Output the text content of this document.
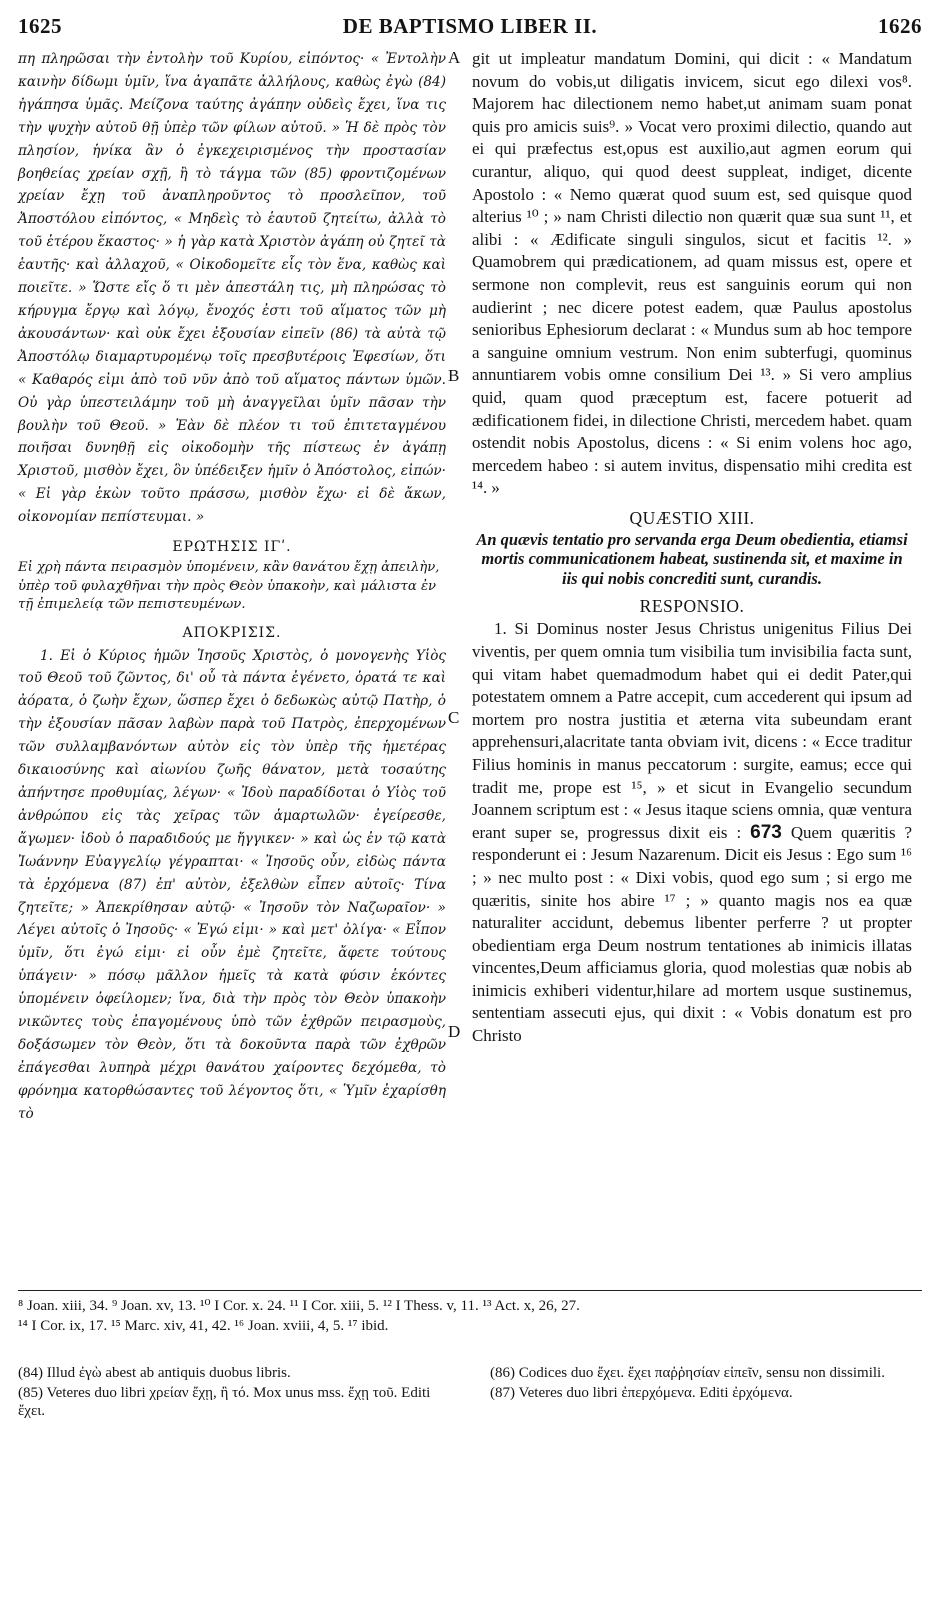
1625	DE BAPTISMO LIBER II.	1626
A
B
C
D

πη πληρῶσαι τὴν ἐντολὴν τοῦ Κυρίου, εἰπόντος· « Ἐντολὴν καινὴν δίδωμι ὑμῖν, ἵνα ἀγαπᾶτε ἀλλήλους, καθὼς ἐγὼ (84) ἠγάπησα ὑμᾶς. Μείζονα ταύτης ἀγάπην οὐδεὶς ἔχει, ἵνα τις τὴν ψυχὴν αὐτοῦ θῇ ὑπὲρ τῶν φίλων αὐτοῦ. » Ἡ δὲ πρὸς τὸν πλησίον, ἡνίκα ἂν ὁ ἐγκεχειρισμένος τὴν προστασίαν βοηθείας χρείαν σχῇ, ἢ τὸ τάγμα τῶν (85) φροντιζομένων χρείαν ἔχῃ τοῦ ἀναπληροῦντος τὸ προσλεῖπον, τοῦ Ἀποστόλου εἰπόντος, « Μηδεὶς τὸ ἑαυτοῦ ζητείτω, ἀλλὰ τὸ τοῦ ἑτέρου ἕκαστος· » ἡ γὰρ κατὰ Χριστὸν ἀγάπη οὐ ζητεῖ τὰ ἑαυτῆς· καὶ ἀλλαχοῦ, « Οἰκοδομεῖτε εἷς τὸν ἕνα, καθὼς καὶ ποιεῖτε. » Ὥστε εἴς ὅ τι μὲν ἀπεστάλη τις, μὴ πληρώσας τὸ κήρυγμα ἔργῳ καὶ λόγῳ, ἔνοχός ἐστι τοῦ αἵματος τῶν μὴ ἀκουσάντων· καὶ οὐκ ἔχει ἐξουσίαν εἰπεῖν (86) τὰ αὐτὰ τῷ Ἀποστόλῳ διαμαρτυρομένῳ τοῖς πρεσβυτέροις Ἐφεσίων, ὅτι « Καθαρός εἰμι ἀπὸ τοῦ νῦν ἀπὸ τοῦ αἵματος πάντων ὑμῶν. Οὐ γὰρ ὑπεστειλάμην τοῦ μὴ ἀναγγεῖλαι ὑμῖν πᾶσαν τὴν βουλὴν τοῦ Θεοῦ. » Ἐὰν δὲ πλέον τι τοῦ ἐπιτεταγμένου ποιῆσαι δυνηθῇ εἰς οἰκοδομὴν τῆς πίστεως ἐν ἀγάπῃ Χριστοῦ, μισθὸν ἔχει, ὃν ὑπέδειξεν ἡμῖν ὁ Ἀπόστολος, εἰπών· « Εἰ γὰρ ἑκὼν τοῦτο πράσσω, μισθὸν ἔχω· εἰ δὲ ἄκων, οἰκονομίαν πεπίστευμαι. »

ΕΡΩΤΗΣΙΣ ΙΓʹ.

Εἰ χρὴ πάντα πειρασμὸν ὑπομένειν, κἂν θανάτου ἔχῃ ἀπειλὴν, ὑπὲρ τοῦ φυλαχθῆναι τὴν πρὸς Θεὸν ὑπακοὴν, καὶ μάλιστα ἐν τῇ ἐπιμελείᾳ τῶν πεπιστευμένων.

ΑΠΟΚΡΙΣΙΣ.

1. Εἰ ὁ Κύριος ἡμῶν Ἰησοῦς Χριστὸς, ὁ μονογενὴς Υἱὸς τοῦ Θεοῦ τοῦ ζῶντος, δι' οὗ τὰ πάντα ἐγένετο, ὁρατά τε καὶ ἀόρατα, ὁ ζωὴν ἔχων, ὥσπερ ἔχει ὁ δεδωκὼς αὐτῷ Πατὴρ, ὁ τὴν ἐξουσίαν πᾶσαν λαβὼν παρὰ τοῦ Πατρὸς, ἐπερχομένων τῶν συλλαμβανόντων αὐτὸν εἰς τὸν ὑπὲρ τῆς ἡμετέρας δικαιοσύνης καὶ αἰωνίου ζωῆς θάνατον, μετὰ τοσαύτης ἀπήντησε προθυμίας, λέγων· « Ἰδοὺ παραδίδοται ὁ Υἱὸς τοῦ ἀνθρώπου εἰς τὰς χεῖρας τῶν ἁμαρτωλῶν· ἐγείρεσθε, ἄγωμεν· ἰδοὺ ὁ παραδιδούς με ἤγγικεν· » καὶ ὡς ἐν τῷ κατὰ Ἰωάννην Εὐαγγελίῳ γέγραπται· « Ἰησοῦς οὖν, εἰδὼς πάντα τὰ ἐρχόμενα (87) ἐπ' αὐτὸν, ἐξελθὼν εἶπεν αὐτοῖς· Τίνα ζητεῖτε; » Ἀπεκρίθησαν αὐτῷ· « Ἰησοῦν τὸν Ναζωραῖον· » Λέγει αὐτοῖς ὁ Ἰησοῦς· « Ἐγώ εἰμι· » καὶ μετ' ὀλίγα· « Εἶπον ὑμῖν, ὅτι ἐγώ εἰμι· εἰ οὖν ἐμὲ ζητεῖτε, ἄφετε τούτους ὑπάγειν· » πόσῳ μᾶλλον ἡμεῖς τὰ κατὰ φύσιν ἑκόντες ὑπομένειν ὀφείλομεν; ἵνα, διὰ τὴν πρὸς τὸν Θεὸν ὑπακοὴν νικῶντες τοὺς ἐπαγομένους ὑπὸ τῶν ἐχθρῶν πειρασμοὺς, δοξάσωμεν τὸν Θεὸν, ὅτι τὰ δοκοῦντα παρὰ τῶν ἐχθρῶν ἐπάγεσθαι λυπηρὰ μέχρι θανάτου χαίροντες δεχόμεθα, τὸ φρόνημα κατορθώσαντες τοῦ λέγοντος ὅτι, « Ὑμῖν ἐχαρίσθη τὸ

git ut impleatur mandatum Domini, qui dicit : « Mandatum novum do vobis,ut diligatis invicem, sicut ego dilexi vos⁸. Majorem hac dilectionem nemo habet,ut animam suam ponat quis pro amicis suis⁹. » Vocat vero proximi dilectio, quando aut ei qui præfectus est,opus est auxilio,aut agmen eorum qui curantur, aliquo, qui quod deest suppleat, indiget, dicente Apostolo : « Nemo quærat quod suum est, sed quisque quod alterius ¹⁰ ; » nam Christi dilectio non quærit quæ sua sunt ¹¹, et alibi : « Ædificate singuli singulos, sicut et facitis ¹². » Quamobrem qui prædicationem, ad quam missus est, opere et sermone non complevit, reus est sanguinis eorum qui non audierint ; nec dicere potest eadem, quæ Paulus apostolus senioribus Ephesiorum declarat : « Mundus sum ab hoc tempore a sanguine omnium vestrum. Non enim subterfugi, quominus annuntiarem vobis omne consilium Dei ¹³. » Si vero amplius quid, quam quod præceptum est, facere potuerit ad ædificationem fidei, in dilectione Christi, mercedem habet. quam ostendit nobis Apostolus, dicens : « Si enim volens hoc ago, mercedem habeo : si autem invitus, dispensatio mihi credita est ¹⁴. »

QUÆSTIO XIII.

An quævis tentatio pro servanda erga Deum obedientia, etiamsi mortis communicationem habeat, sustinenda sit, et maxime in iis qui nobis concrediti sunt, curandis.

RESPONSIO.

1. Si Dominus noster Jesus Christus unigenitus Filius Dei viventis, per quem omnia tum visibilia tum invisibilia facta sunt, qui vitam habet quemadmodum habet qui ei dedit Pater,qui potestatem omnem a Patre accepit, cum accederent qui ipsum ad mortem pro nostra justitia et æterna vita subeundam erant apprehensuri,alacritate tanta obviam ivit, dicens : « Ecce traditur Filius hominis in manus peccatorum : surgite, eamus; ecce qui tradit me, prope est ¹⁵, » et sicut in Evangelio secundum Joannem scriptum est : « Jesus itaque sciens omnia, quæ ventura erant super se, progressus dixit eis : 673 Quem quæritis ? responderunt ei : Jesum Nazarenum. Dicit eis Jesus : Ego sum ¹⁶ ; » nec multo post : « Dixi vobis, quod ego sum ; si ergo me quæritis, sinite hos abire ¹⁷ ; » quanto magis nos ea quæ naturaliter accidunt, debemus libenter perferre ? ut propter obedientiam erga Deum nostrum tentationes ab inimicis illatas vincentes,Deum afficiamus gloria, quod molestias quæ nobis ab inimicis exhiberi videntur,hilare ad mortem usque sustinemus, sententiam assecuti ejus, qui dixit : « Vobis donatum est pro Christo

⁸ Joan. xiii, 34. ⁹ Joan. xv, 13. ¹⁰ I Cor. x. 24. ¹¹ I Cor. xiii, 5. ¹² I Thess. v, 11. ¹³ Act. x, 26, 27.

¹⁴ I Cor. ix, 17. ¹⁵ Marc. xiv, 41, 42. ¹⁶ Joan. xviii, 4, 5. ¹⁷ ibid.

(84) Illud ἐγὼ abest ab antiquis duobus libris.

(85) Veteres duo libri χρείαν ἔχῃ, ἢ τό. Mox unus mss. ἔχῃ τοῦ. Editi ἔχει.

(86) Codices duo ἔχει. ἔχει παῤῥησίαν εἰπεῖν, sensu non dissimili.

(87) Veteres duo libri ἐπερχόμενα. Editi ἐρχόμενα.
